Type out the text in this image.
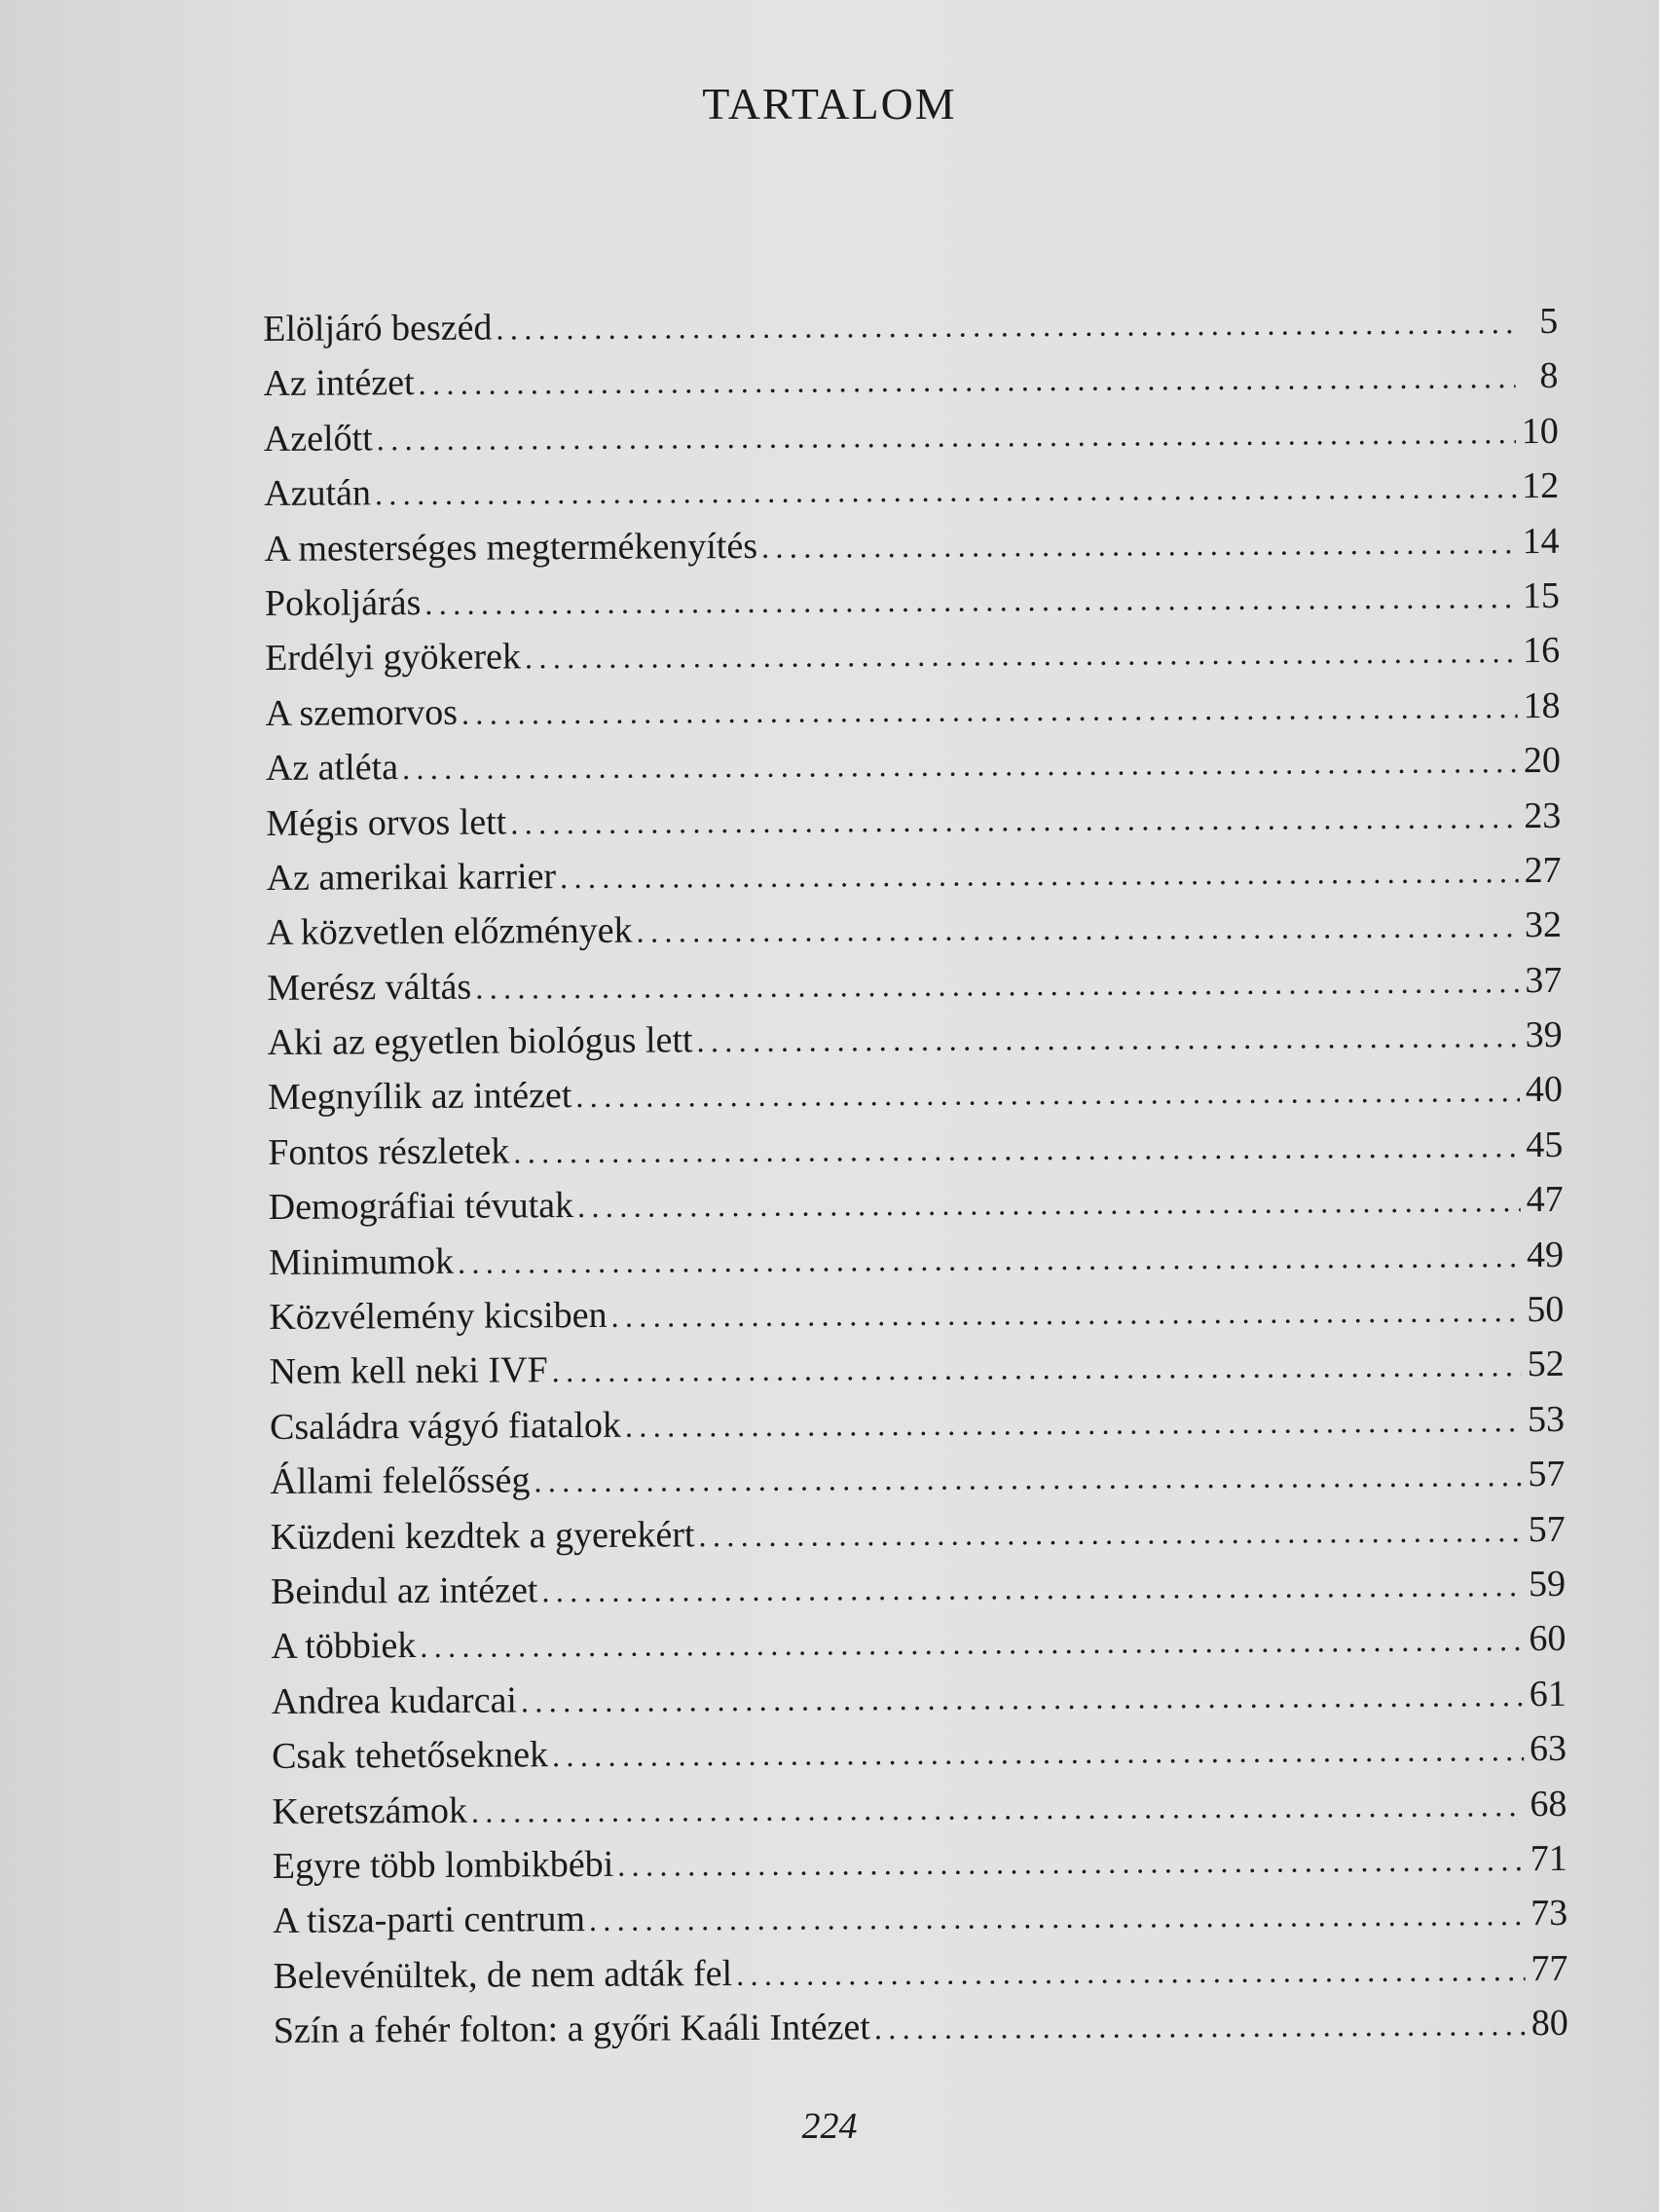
TARTALOM
Elöljáró beszéd .....	5
Az intézet .....	8
Azelőtt .....	10
Azután .....	12
A mesterséges megtermékenyítés .....	14
Pokoljárás .....	15
Erdélyi gyökerek .....	16
A szemorvos .....	18
Az atléta .....	20
Mégis orvos lett .....	23
Az amerikai karrier .....	27
A közvetlen előzmények .....	32
Merész váltás .....	37
Aki az egyetlen biológus lett .....	39
Megnyílik az intézet .....	40
Fontos részletek .....	45
Demográfiai tévutak .....	47
Minimumok .....	49
Közvélemény kicsiben .....	50
Nem kell neki IVF .....	52
Családra vágyó fiatalok .....	53
Állami felelősség .....	57
Küzdeni kezdtek a gyerekért .....	57
Beindul az intézet .....	59
A többiek .....	60
Andrea kudarcai .....	61
Csak tehetőseknek .....	63
Keretszámok .....	68
Egyre több lombikbébi .....	71
A tisza-parti centrum .....	73
Belevénültek, de nem adták fel .....	77
Szín a fehér folton: a győri Kaáli Intézet .....	80
224
